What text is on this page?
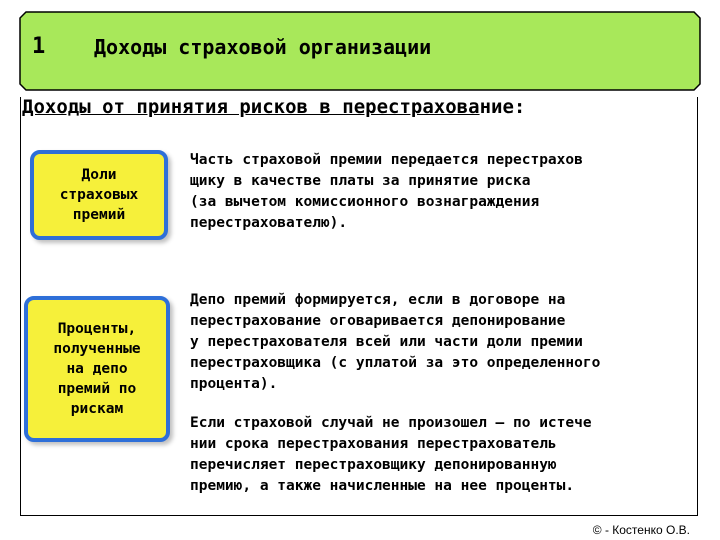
1 Доходы страховой организации
Доходы от принятия рисков в перестрахование:
Доли
страховых
премий
Часть страховой премии передается перестрахов
щику в качестве платы за принятие риска
(за вычетом комиссионного вознаграждения
перестрахователю).
Проценты,
полученные
на депо
премий по
рискам
Депо премий формируется, если в договоре на
перестрахование оговаривается депонирование
у перестрахователя всей или части доли премии
перестраховщика (с уплатой за это определенного
процента).
Если страховой случай не произошел – по истече
нии срока перестрахования перестрахователь
перечисляет перестраховщику депонированную
премию, а также начисленные на нее проценты.
© - Костенко О.В.
